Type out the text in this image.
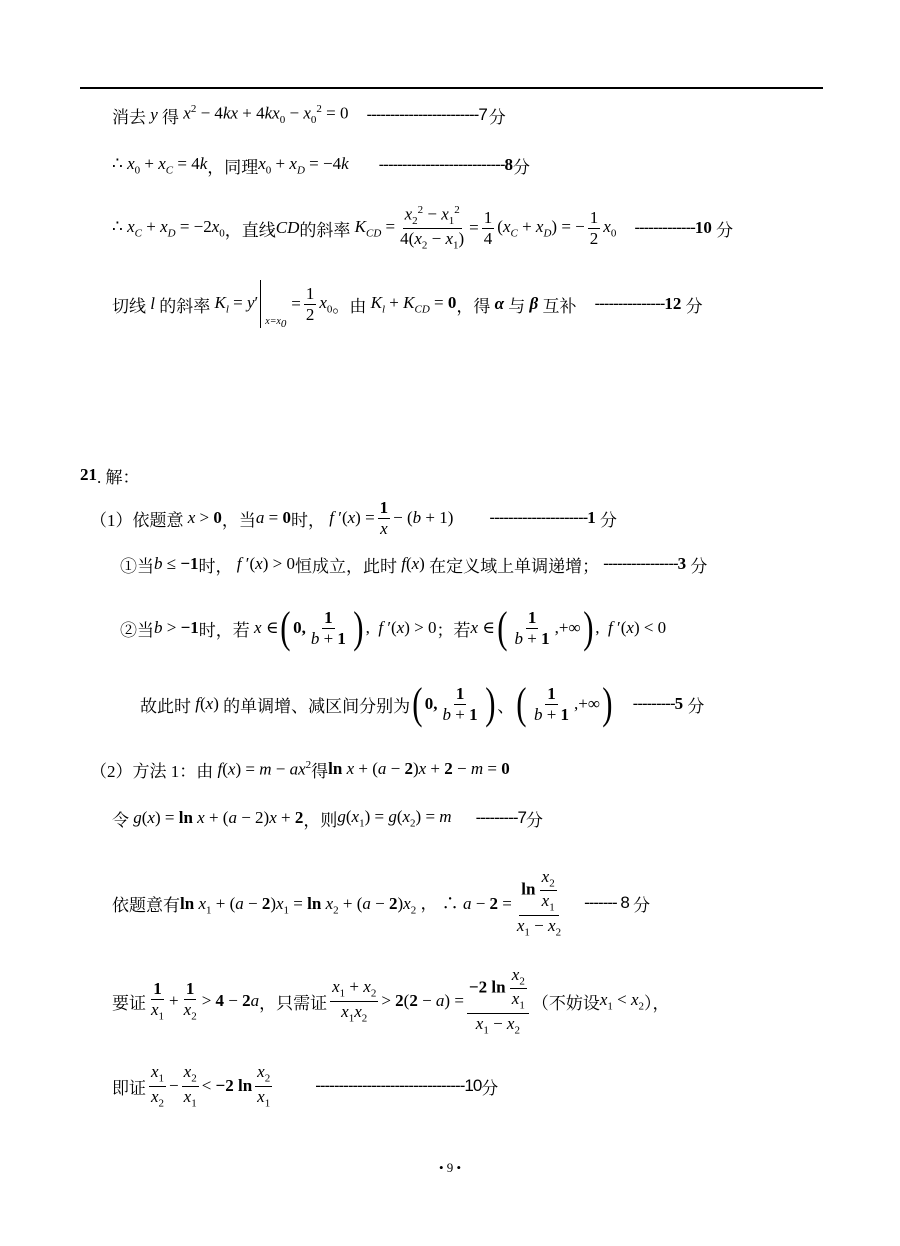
消去 y 得 $x^2 - 4kx + 4kx_0 - x_0^2 = 0$ ------------------------7 分
∴ $x_0 + x_C = 4k$ ，同理 $x_0 + x_D = -4k$ --------------------------- 8 分
∴ $x_C + x_D = -2x_0$ ，直线 CD 的斜率 $K_{CD} = \frac{x_2^2 - x_1^2}{4(x_2 - x_1)} = \frac{1}{4} (x_C + x_D)$ = − $\frac{1}{2} x_0$ ------------- 10
分
切线 l 的斜率 $K_l = y'$
$x=x_0$
= $\frac{1}{2} x_0$ 。由 $K_l + K_{CD} = 0$ ，得 α 与 β 互补 --------------- 12
分
21 . 解：
（1） 依题意 x > 0 ，当 a = 0 时， f $'(x) = \frac{1}{x} - (b + 1)$ --------------------- 1
分
①当 b ≤ −1 时， f ′(x) > 0 恒成立，此时 f(x) 在定义域上单调递增； ---------------- 3
分
②当 b > −1 时，若 x ∈ ( 0, $\frac{1}{b + 1}$ ) , f ′(x) > 0 ；若 x ∈ ( $\frac{1}{b + 1}$ ,+∞ ) , f ′(x) < 0
故此时 f(x) 的单调增、减区间分别为 ( 0, $\frac{1}{b + 1}$ ) 、 ( $\frac{1}{b + 1}$ ,+∞ ) --------- 5
分
（2） 方法 1：由 $f(x) = m - ax^2$ 得 ln x + (a − 2)x + 2 − m = 0
令 g(x) = ln x + (a − 2)x + 2 ，则 $g(x_1) = g(x_2) = m$ ---------7 分
依题意有 $\ln x_1 + (a - 2)x_1 = \ln x_2 + (a - 2)x_2$ ， ∴ $a - 2 = \frac{\ln \frac{x_2}{x_1}}{x_1 - x_2}$ ------- 8
分
要证 $\frac{1}{x_1} + \frac{1}{x_2} > 4 - 2a$ ，只需证 $\frac{x_1 + x_2}{x_1x_2} > 2(2 - a) = \frac{-2 \ln \frac{x_2}{x_1}}{x_1 - x_2}$ （不妨设 $x_1 < x_2$ ），
即证 $\frac{x_1}{x_2} - \frac{x_2}{x_1} < -2$ $\ln \frac{x_2}{x_1}$	--------------------------------10 分
• 9 •
